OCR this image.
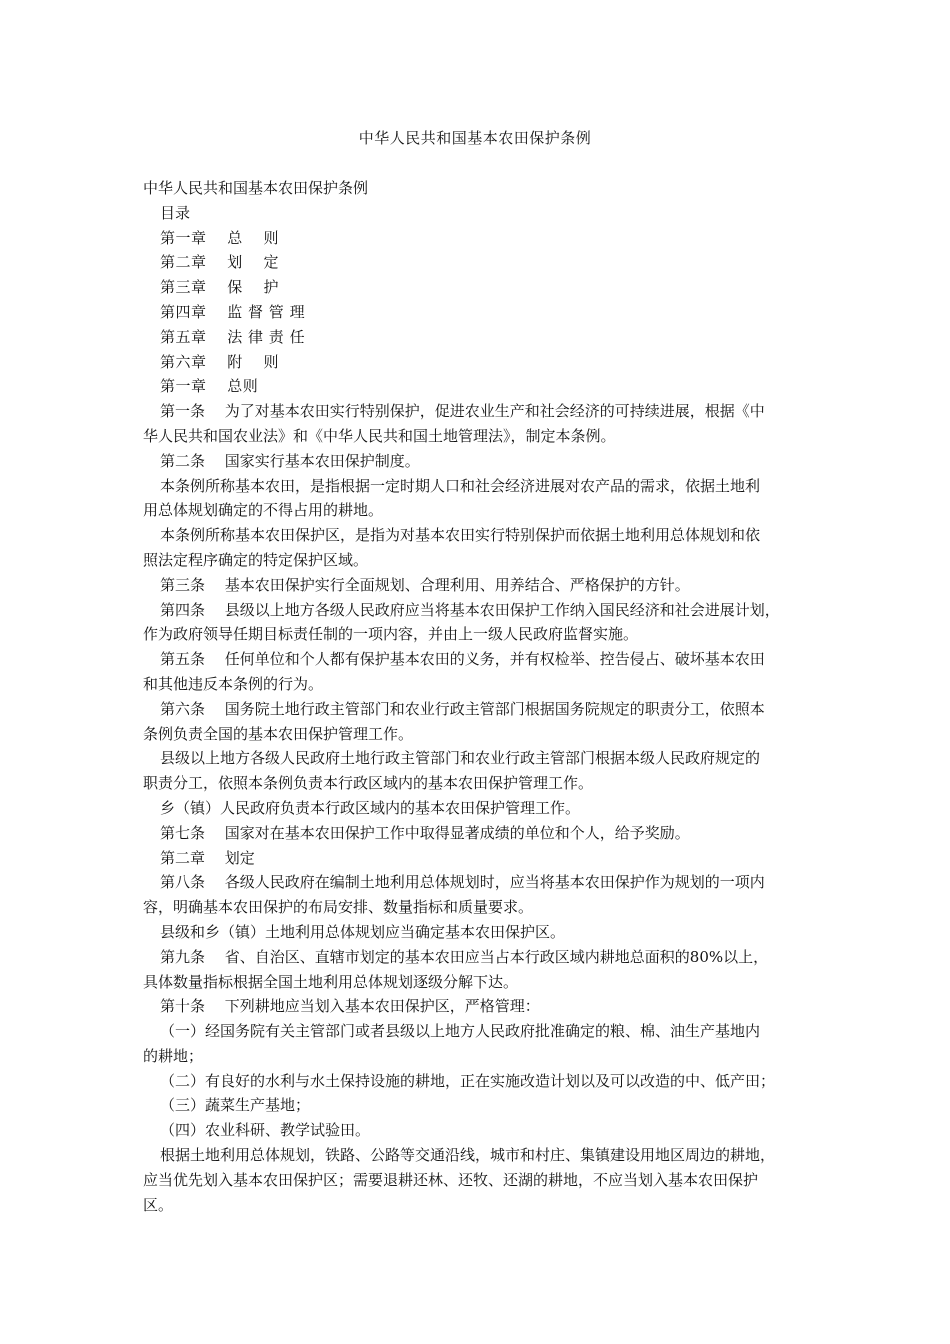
中华人民共和国基本农田保护条例

中华人民共和国基本农田保护条例

目录

第一章　 总　 则

第二章　 划　 定

第三章　 保　 护

第四章　 监 督 管 理

第五章　 法 律 责 任

第六章　 附　 则

第一章　 总则

第一条　 为了对基本农田实行特别保护，促进农业生产和社会经济的可持续进展，根据《中

华人民共和国农业法》和《中华人民共和国土地管理法》，制定本条例。

第二条　 国家实行基本农田保护制度。

本条例所称基本农田，是指根据一定时期人口和社会经济进展对农产品的需求，依据土地利

用总体规划确定的不得占用的耕地。

本条例所称基本农田保护区，是指为对基本农田实行特别保护而依据土地利用总体规划和依

照法定程序确定的特定保护区域。

第三条　 基本农田保护实行全面规划、合理利用、用养结合、严格保护的方针。

第四条　 县级以上地方各级人民政府应当将基本农田保护工作纳入国民经济和社会进展计划，

作为政府领导任期目标责任制的一项内容，并由上一级人民政府监督实施。

第五条　 任何单位和个人都有保护基本农田的义务，并有权检举、控告侵占、破坏基本农田

和其他违反本条例的行为。

第六条　 国务院土地行政主管部门和农业行政主管部门根据国务院规定的职责分工，依照本

条例负责全国的基本农田保护管理工作。

县级以上地方各级人民政府土地行政主管部门和农业行政主管部门根据本级人民政府规定的

职责分工，依照本条例负责本行政区域内的基本农田保护管理工作。

乡（镇）人民政府负责本行政区域内的基本农田保护管理工作。

第七条　 国家对在基本农田保护工作中取得显著成绩的单位和个人，给予奖励。

第二章　 划定

第八条　 各级人民政府在编制土地利用总体规划时，应当将基本农田保护作为规划的一项内

容，明确基本农田保护的布局安排、数量指标和质量要求。

县级和乡（镇）土地利用总体规划应当确定基本农田保护区。

第九条　 省、自治区、直辖市划定的基本农田应当占本行政区域内耕地总面积的80%以上，

具体数量指标根据全国土地利用总体规划逐级分解下达。

第十条　 下列耕地应当划入基本农田保护区，严格管理：

（一）经国务院有关主管部门或者县级以上地方人民政府批准确定的粮、棉、油生产基地内

的耕地；

（二）有良好的水利与水土保持设施的耕地，正在实施改造计划以及可以改造的中、低产田；

（三）蔬菜生产基地；

（四）农业科研、教学试验田。

根据土地利用总体规划，铁路、公路等交通沿线，城市和村庄、集镇建设用地区周边的耕地，

应当优先划入基本农田保护区；需要退耕还林、还牧、还湖的耕地，不应当划入基本农田保护

区。
